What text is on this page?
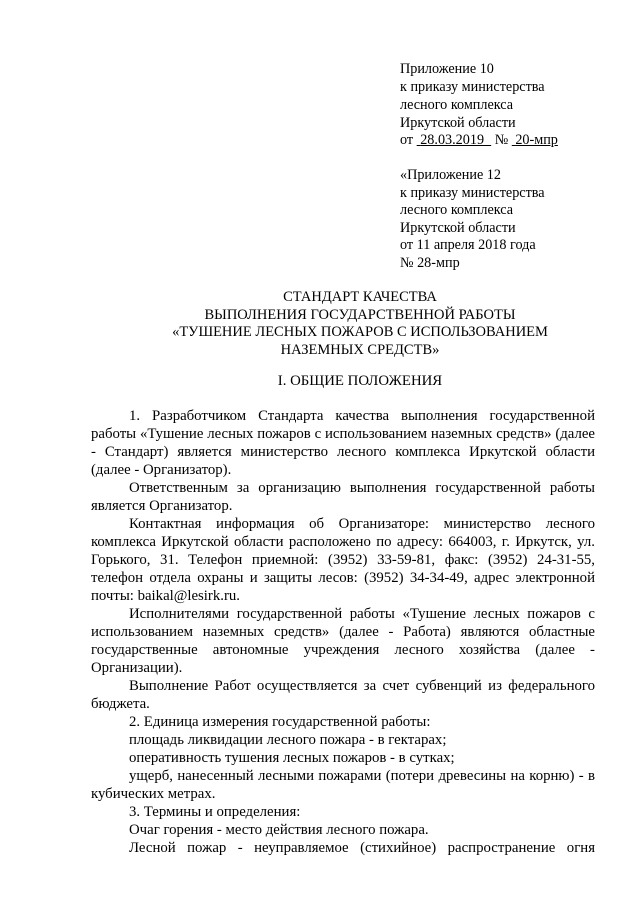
Приложение 10
к приказу министерства
лесного комплекса
Иркутской области
от 28.03.2019 № 20-мпр
«Приложение 12
к приказу министерства
лесного комплекса
Иркутской области
от 11 апреля 2018 года
№ 28-мпр
СТАНДАРТ КАЧЕСТВА
ВЫПОЛНЕНИЯ ГОСУДАРСТВЕННОЙ РАБОТЫ
«ТУШЕНИЕ ЛЕСНЫХ ПОЖАРОВ С ИСПОЛЬЗОВАНИЕМ
НАЗЕМНЫХ СРЕДСТВ»
I. ОБЩИЕ ПОЛОЖЕНИЯ

1. Разработчиком Стандарта качества выполнения государственной работы «Тушение лесных пожаров с использованием наземных средств» (далее - Стандарт) является министерство лесного комплекса Иркутской области (далее - Организатор).

Ответственным за организацию выполнения государственной работы является Организатор.

Контактная информация об Организаторе: министерство лесного комплекса Иркутской области расположено по адресу: 664003, г. Иркутск, ул. Горького, 31. Телефон приемной: (3952) 33-59-81, факс: (3952) 24-31-55, телефон отдела охраны и защиты лесов: (3952) 34-34-49, адрес электронной почты: baikal@lesirk.ru.

Исполнителями государственной работы «Тушение лесных пожаров с использованием наземных средств» (далее - Работа) являются областные государственные автономные учреждения лесного хозяйства (далее - Организации).

Выполнение Работ осуществляется за счет субвенций из федерального бюджета.

2. Единица измерения государственной работы:

площадь ликвидации лесного пожара - в гектарах;

оперативность тушения лесных пожаров - в сутках;

ущерб, нанесенный лесными пожарами (потери древесины на корню) - в кубических метрах.

3. Термины и определения:

Очаг горения - место действия лесного пожара.

Лесной пожар - неуправляемое (стихийное) распространение огня
